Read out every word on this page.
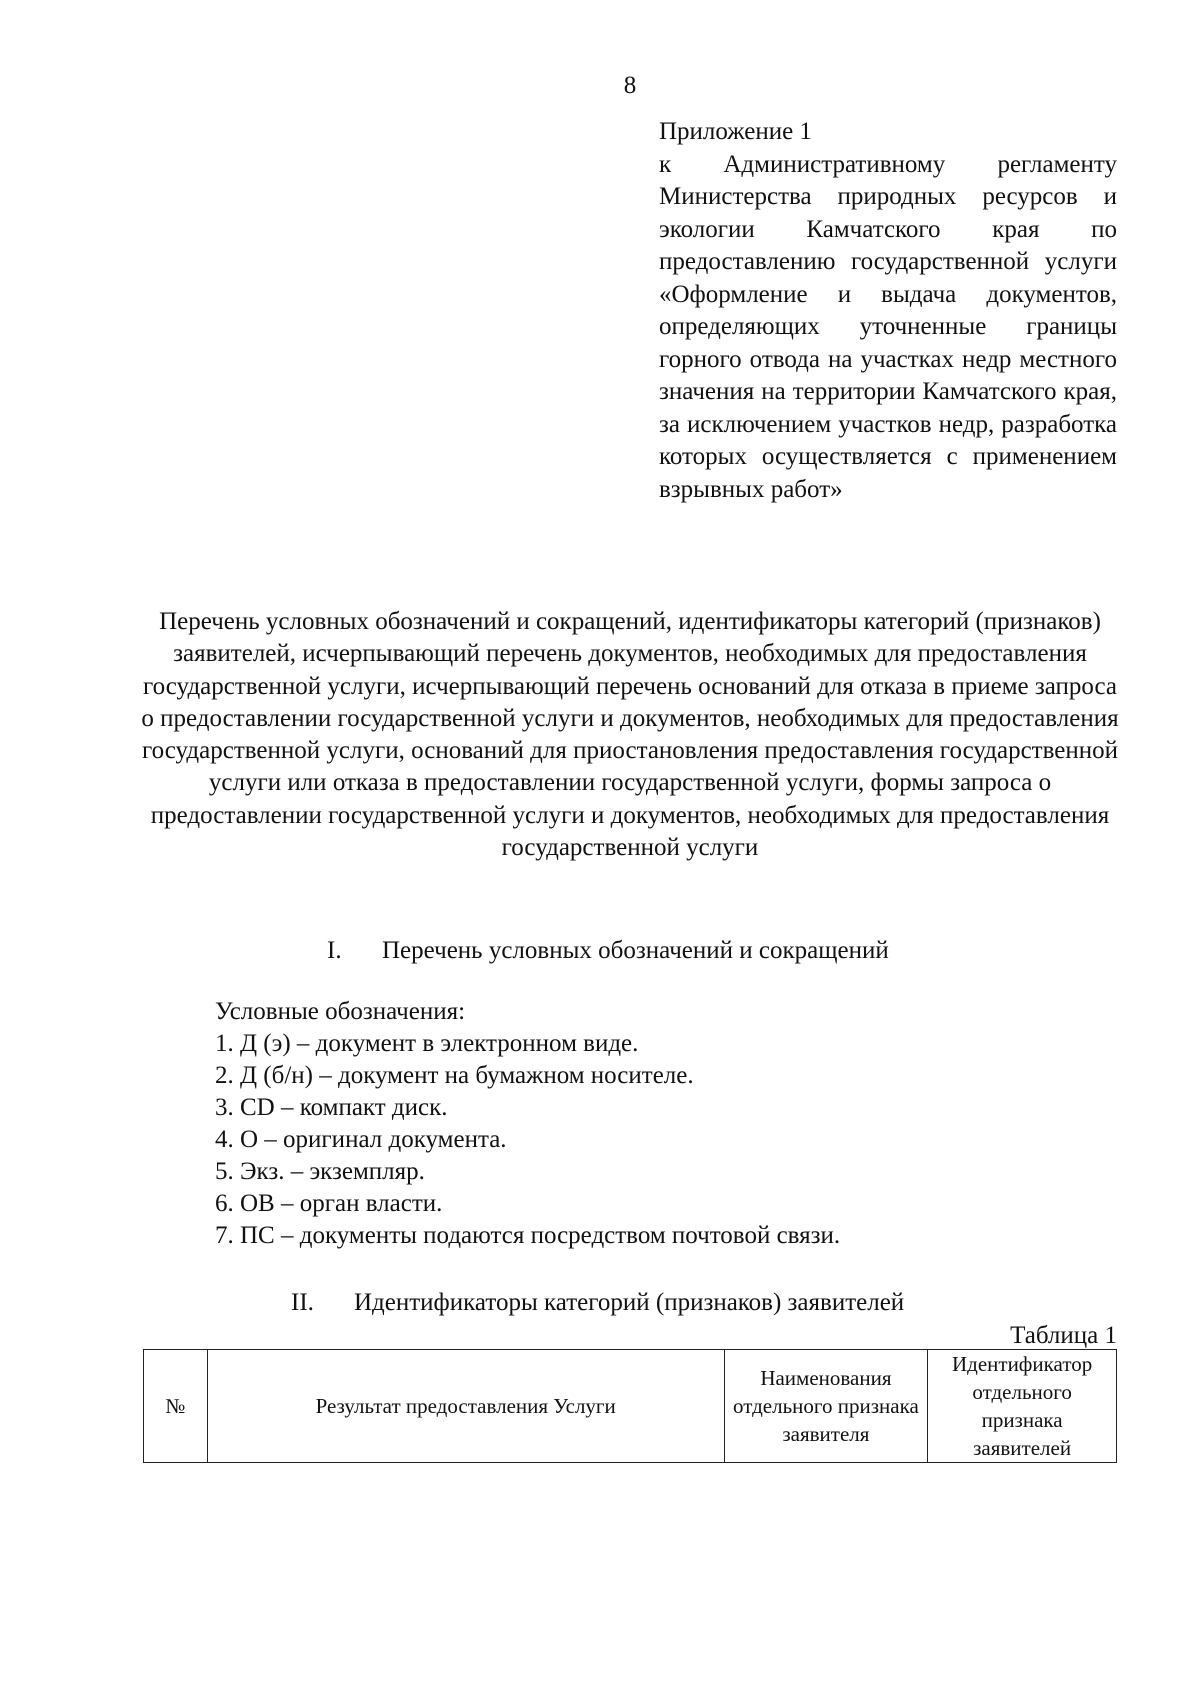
8
Приложение 1
к Административному регламенту Министерства природных ресурсов и экологии Камчатского края по предоставлению государственной услуги «Оформление и выдача документов, определяющих уточненные границы горного отвода на участках недр местного значения на территории Камчатского края, за исключением участков недр, разработка которых осуществляется с применением взрывных работ»
Перечень условных обозначений и сокращений, идентификаторы категорий (признаков) заявителей, исчерпывающий перечень документов, необходимых для предоставления государственной услуги, исчерпывающий перечень оснований для отказа в приеме запроса о предоставлении государственной услуги и документов, необходимых для предоставления государственной услуги, оснований для приостановления предоставления государственной услуги или отказа в предоставлении государственной услуги, формы запроса о предоставлении государственной услуги и документов, необходимых для предоставления государственной услуги
I. Перечень условных обозначений и сокращений
Условные обозначения:
1. Д (э) – документ в электронном виде.
2. Д (б/н) – документ на бумажном носителе.
3. CD – компакт диск.
4. О – оригинал документа.
5. Экз. – экземпляр.
6. ОВ – орган власти.
7. ПС – документы подаются посредством почтовой связи.
II. Идентификаторы категорий (признаков) заявителей
Таблица 1
№	Результат предоставления Услуги	Наименования отдельного признака заявителя	Идентификатор отдельного признака заявителей
